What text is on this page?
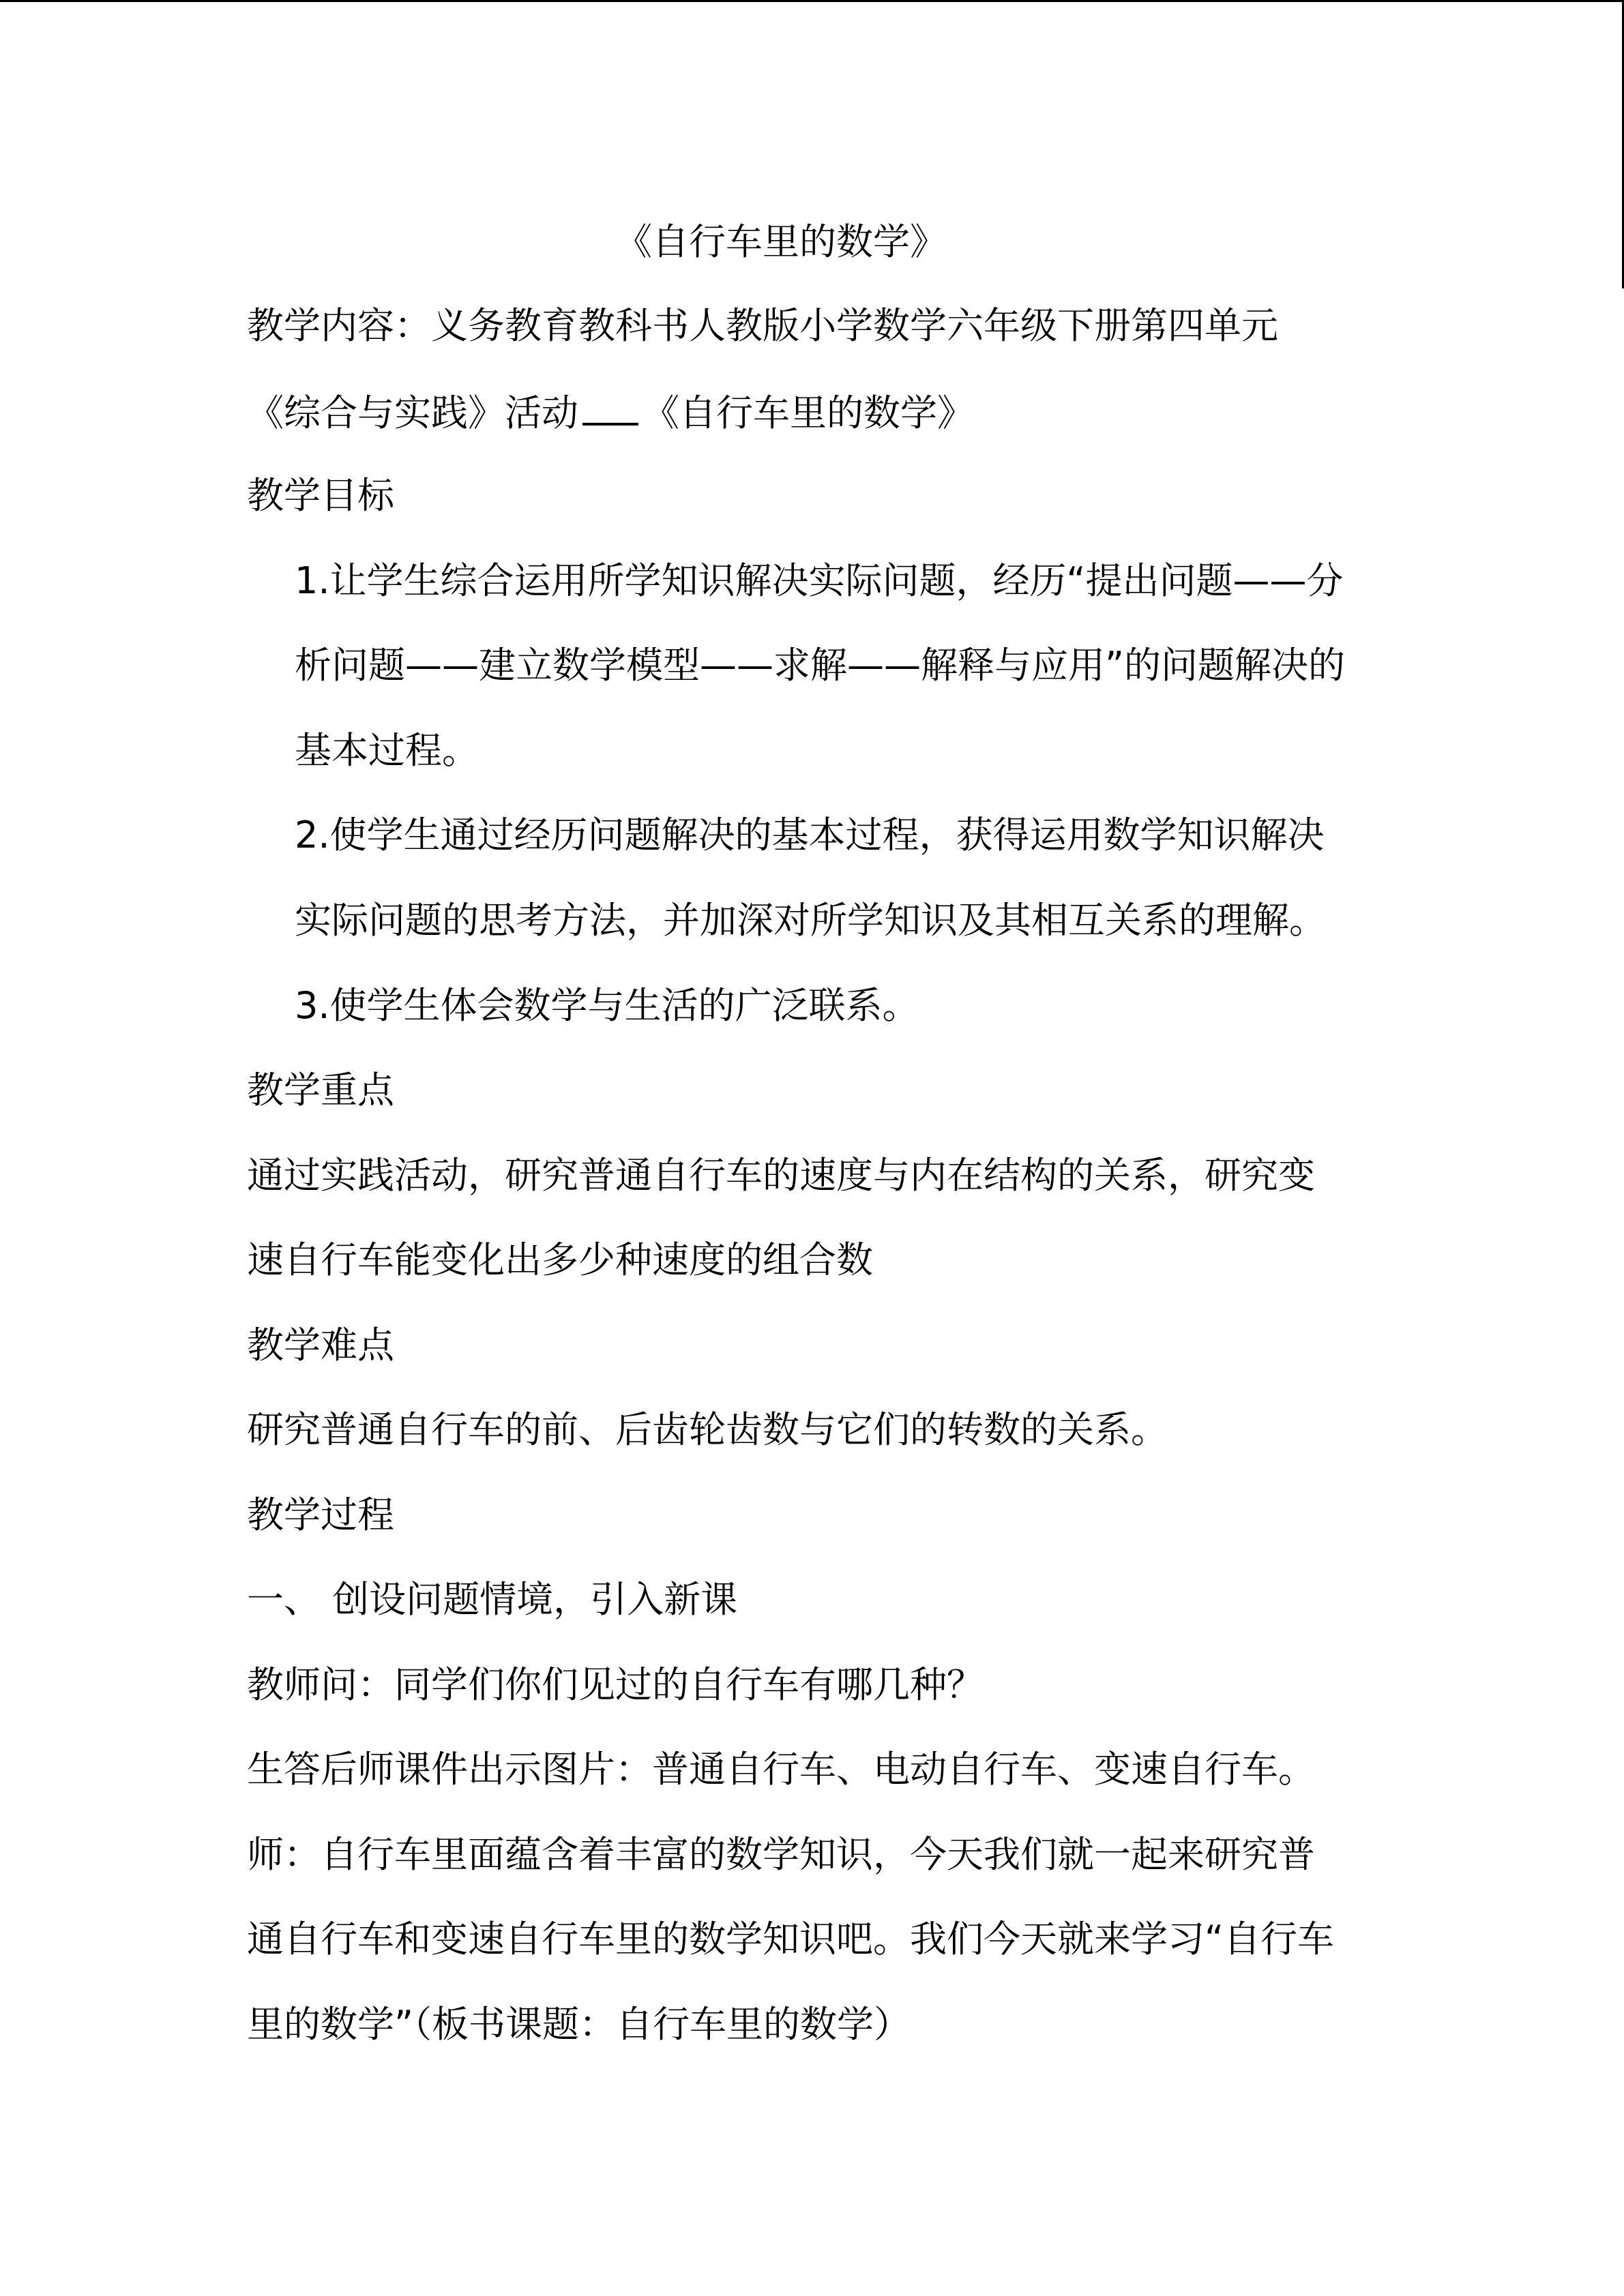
《自行车里的数学》
教学内容：义务教育教科书人教版小学数学六年级下册第四单元
《综合与实践》活动 《自行车里的数学》
教学目标
1.让学生综合运用所学知识解决实际问题，经历“提出问题——分
析问题——建立数学模型——求解——解释与应用”的问题解决的
基本过程。
2.使学生通过经历问题解决的基本过程，获得运用数学知识解决
实际问题的思考方法，并加深对所学知识及其相互关系的理解。
3.使学生体会数学与生活的广泛联系。
教学重点
通过实践活动，研究普通自行车的速度与内在结构的关系，研究变
速自行车能变化出多少种速度的组合数
教学难点
研究普通自行车的前、后齿轮齿数与它们的转数的关系。
教学过程
一、 创设问题情境，引入新课
教师问：同学们你们见过的自行车有哪几种？
生答后师课件出示图片：普通自行车、电动自行车、变速自行车。
师：自行车里面蕴含着丰富的数学知识，今天我们就一起来研究普
通自行车和变速自行车里的数学知识吧。我们今天就来学习“自行车
里的数学”（板书课题：自行车里的数学）
